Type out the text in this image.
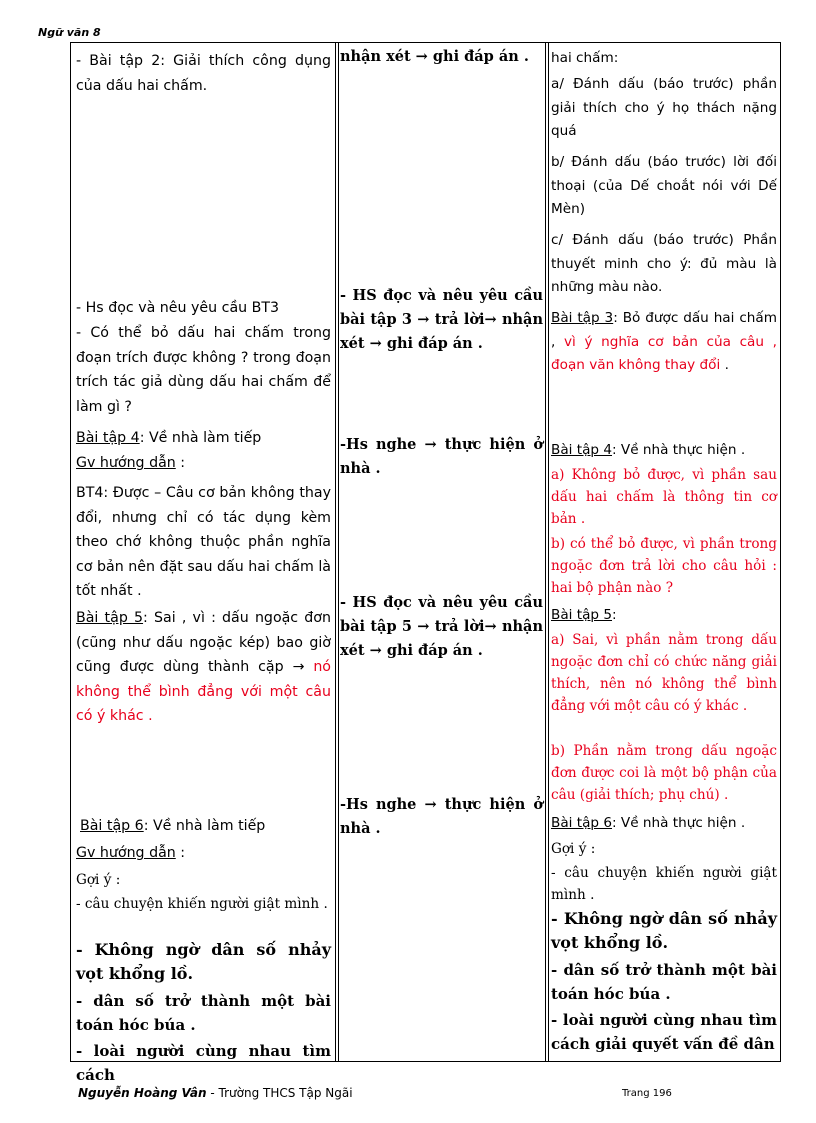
Ngữ văn 8

- Bài tập 2: Giải thích công dụng của dấu hai chấm.

- Hs đọc và nêu yêu cầu BT3

- Có thể bỏ dấu hai chấm trong đoạn trích được không ? trong đoạn trích tác giả dùng dấu hai chấm để làm gì ?

Bài tập 4: Về nhà làm tiếp

Gv hướng dẫn :

BT4: Được – Câu cơ bản không thay đổi, nhưng chỉ có tác dụng kèm theo chớ không thuộc phần nghĩa cơ bản nên đặt sau dấu hai chấm là tốt nhất .

Bài tập 5: Sai , vì : dấu ngoặc đơn (cũng như dấu ngoặc kép) bao giờ cũng được dùng thành cặp → nó không thể bình đẳng với một câu có ý khác .

Bài tập 6: Về nhà làm tiếp

Gv hướng dẫn :

Gợi ý :

- câu chuyện khiến người giật mình .

- Không ngờ dân số nhảy vọt khổng lồ.

- dân số trở thành một bài toán hóc búa .

- loài người cùng nhau tìm cách

nhận xét → ghi đáp án .

- HS đọc và nêu yêu cầu bài tập 3 → trả lời→ nhận xét → ghi đáp án .

-Hs nghe → thực hiện ở nhà .

- HS đọc và nêu yêu cầu bài tập 5 → trả lời→ nhận xét → ghi đáp án .

-Hs nghe → thực hiện ở nhà .

hai chấm:

a/ Đánh dấu (báo trước) phần giải thích cho ý họ thách nặng quá

b/ Đánh dấu (báo trước) lời đối thoại (của Dế choắt nói với Dế Mèn)

c/ Đánh dấu (báo trước) Phần thuyết minh cho ý: đủ màu là những màu nào.

Bài tập 3: Bỏ được dấu hai chấm , vì ý nghĩa cơ bản của câu , đoạn văn không thay đổi .

Bài tập 4: Về nhà thực hiện .

a) Không bỏ được, vì phần sau dấu hai chấm là thông tin cơ bản .

b) có thể bỏ được, vì phần trong ngoặc đơn trả lời cho câu hỏi : hai bộ phận nào ?

Bài tập 5:

a) Sai, vì phần nằm trong dấu ngoặc đơn chỉ có chức năng giải thích, nên nó không thể bình đẳng với một câu có ý khác .

b) Phần nằm trong dấu ngoặc đơn được coi là một bộ phận của câu (giải thích; phụ chú) .

Bài tập 6: Về nhà thực hiện .

Gợi ý :

- câu chuyện khiến người giật mình .

- Không ngờ dân số nhảy vọt khổng lồ.

- dân số trở thành một bài toán hóc búa .

- loài người cùng nhau tìm cách giải quyết vấn đề dân

Nguyễn Hoàng Vân - Trường THCS Tập Ngãi	Trang 196
